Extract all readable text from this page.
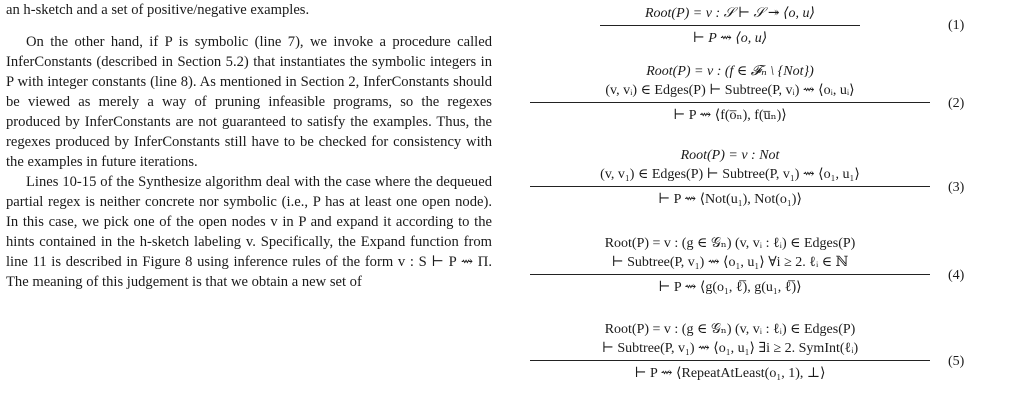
an h-sketch and a set of positive/negative examples.

On the other hand, if P is symbolic (line 7), we invoke a procedure called InferConstants (described in Section 5.2) that instantiates the symbolic integers in P with integer constants (line 8). As mentioned in Section 2, InferConstants should be viewed as merely a way of pruning infeasible programs, so the regexes produced by InferConstants are not guaranteed to satisfy the examples. Thus, the regexes produced by InferConstants still have to be checked for consistency with the examples in future iterations.

Lines 10-15 of the Synthesize algorithm deal with the case where the dequeued partial regex is neither concrete nor symbolic (i.e., P has at least one open node). In this case, we pick one of the open nodes v in P and expand it according to the hints contained in the h-sketch labeling v. Specifically, the Expand function from line 11 is described in Figure 8 using inference rules of the form v : S ⊢ P ⇝ Π. The meaning of this judgement is that we obtain a new set of

Root(P) = v : 𝒮 ⊢ 𝒮 ↠ ⟨o, u⟩
⊢ P ⇝ ⟨o, u⟩
(1)
Root(P) = v : (f ∈ 𝓕ₙ \ {Not})
(v, vᵢ) ∈ Edges(P) ⊢ Subtree(P, vᵢ) ⇝ ⟨oᵢ, uᵢ⟩
⊢ P ⇝ ⟨f(o̅ₙ), f(u̅ₙ)⟩
(2)
Root(P) = v : Not
(v, v₁) ∈ Edges(P) ⊢ Subtree(P, v₁) ⇝ ⟨o₁, u₁⟩
⊢ P ⇝ ⟨Not(u₁), Not(o₁)⟩
(3)
Root(P) = v : (g ∈ 𝒢ₙ) (v, vᵢ : ℓᵢ) ∈ Edges(P)
⊢ Subtree(P, v₁) ⇝ ⟨o₁, u₁⟩ ∀i ≥ 2. ℓᵢ ∈ ℕ
⊢ P ⇝ ⟨g(o₁, ℓ̅), g(u₁, ℓ̅)⟩
(4)
Root(P) = v : (g ∈ 𝒢ₙ) (v, vᵢ : ℓᵢ) ∈ Edges(P)
⊢ Subtree(P, v₁) ⇝ ⟨o₁, u₁⟩ ∃i ≥ 2. SymInt(ℓᵢ)
⊢ P ⇝ ⟨RepeatAtLeast(o₁, 1), ⊥⟩
(5)
